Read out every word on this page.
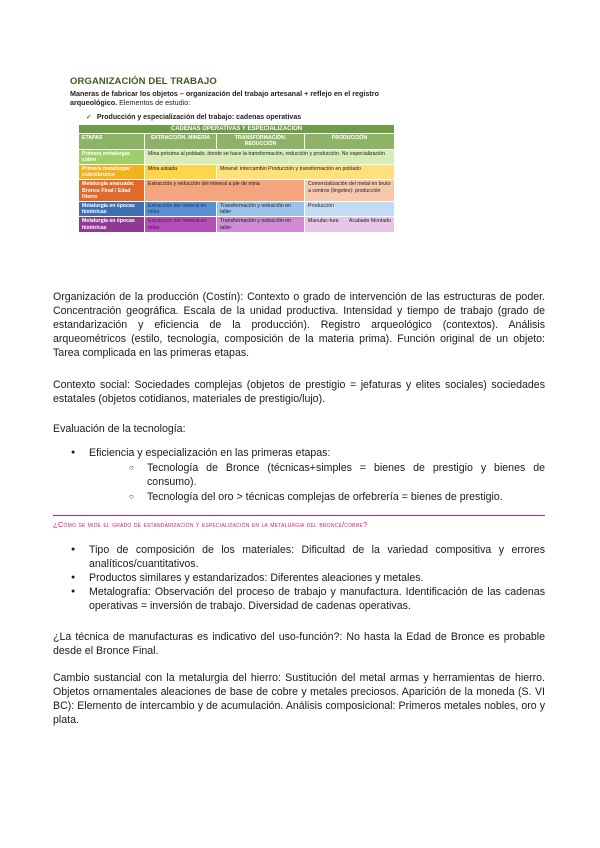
ORGANIZACIÓN DEL TRABAJO
Maneras de fabricar los objetos – organización del trabajo artesanal + reflejo en el registro arqueológico. Elementos de estudio:
✓ Producción y especialización del trabajo: cadenas operativas
CADENAS OPERATIVAS Y ESPECIALIZACIÓN			
ETAPAS	EXTRACCIÓN. MINERÍA	TRANSFORMACIÓN. REDUCCIÓN	PRODUCCIÓN
Primera metalurgia: cobre	Mina próxima al poblado, donde se hace la transformación, reducción y producción. No especialización		
Primera metalurgia: cobre/bronce	Mina aislada	Mineral: intercambio Producción y transformación en poblado	
Metalurgia avanzada: Bronce Final / Edad Hierro	Extracción y reducción del mineral a pie de mina		Comercialización del metal en bruto a centros (lingotes): producción
Metalurgia en épocas históricas	Extracción del mineral en mina	Transformación y reducción en taller	Producción
Metalurgia en épocas históricas	Extracción del mineral en mina	Transformación y reducción en taller	Manufac-tura Acabado Montado

Organización de la producción (Costín): Contexto o grado de intervención de las estructuras de poder. Concentración geográfica. Escala de la unidad productiva. Intensidad y tiempo de trabajo (grado de estandarización y eficiencia de la producción). Registro arqueológico (contextos). Análisis arqueométricos (estilo, tecnología, composición de la materia prima). Función original de un objeto: Tarea complicada en las primeras etapas.

Contexto social: Sociedades complejas (objetos de prestigio = jefaturas y elites sociales) sociedades estatales (objetos cotidianos, materiales de prestigio/lujo).

Evaluación de la tecnología:

● Eficiencia y especialización en las primeras etapas:
○ Tecnología de Bronce (técnicas+simples = bienes de prestigio y bienes de consumo).
○ Tecnología del oro > técnicas complejas de orfebrería = bienes de prestigio.
¿Cómo se mide el grado de estandarización y especialización en la metalurgia del bronce/cobre?
● Tipo de composición de los materiales: Dificultad de la variedad compositiva y errores analíticos/cuantitativos.
● Productos similares y estandarizados: Diferentes aleaciones y metales.
● Metalografía: Observación del proceso de trabajo y manufactura. Identificación de las cadenas operativas = inversión de trabajo. Diversidad de cadenas operativas.

¿La técnica de manufacturas es indicativo del uso-función?: No hasta la Edad de Bronce es probable desde el Bronce Final.

Cambio sustancial con la metalurgia del hierro: Sustitución del metal armas y herramientas de hierro. Objetos ornamentales aleaciones de base de cobre y metales preciosos. Aparición de la moneda (S. VI BC): Elemento de intercambio y de acumulación. Análisis composicional: Primeros metales nobles, oro y plata.
